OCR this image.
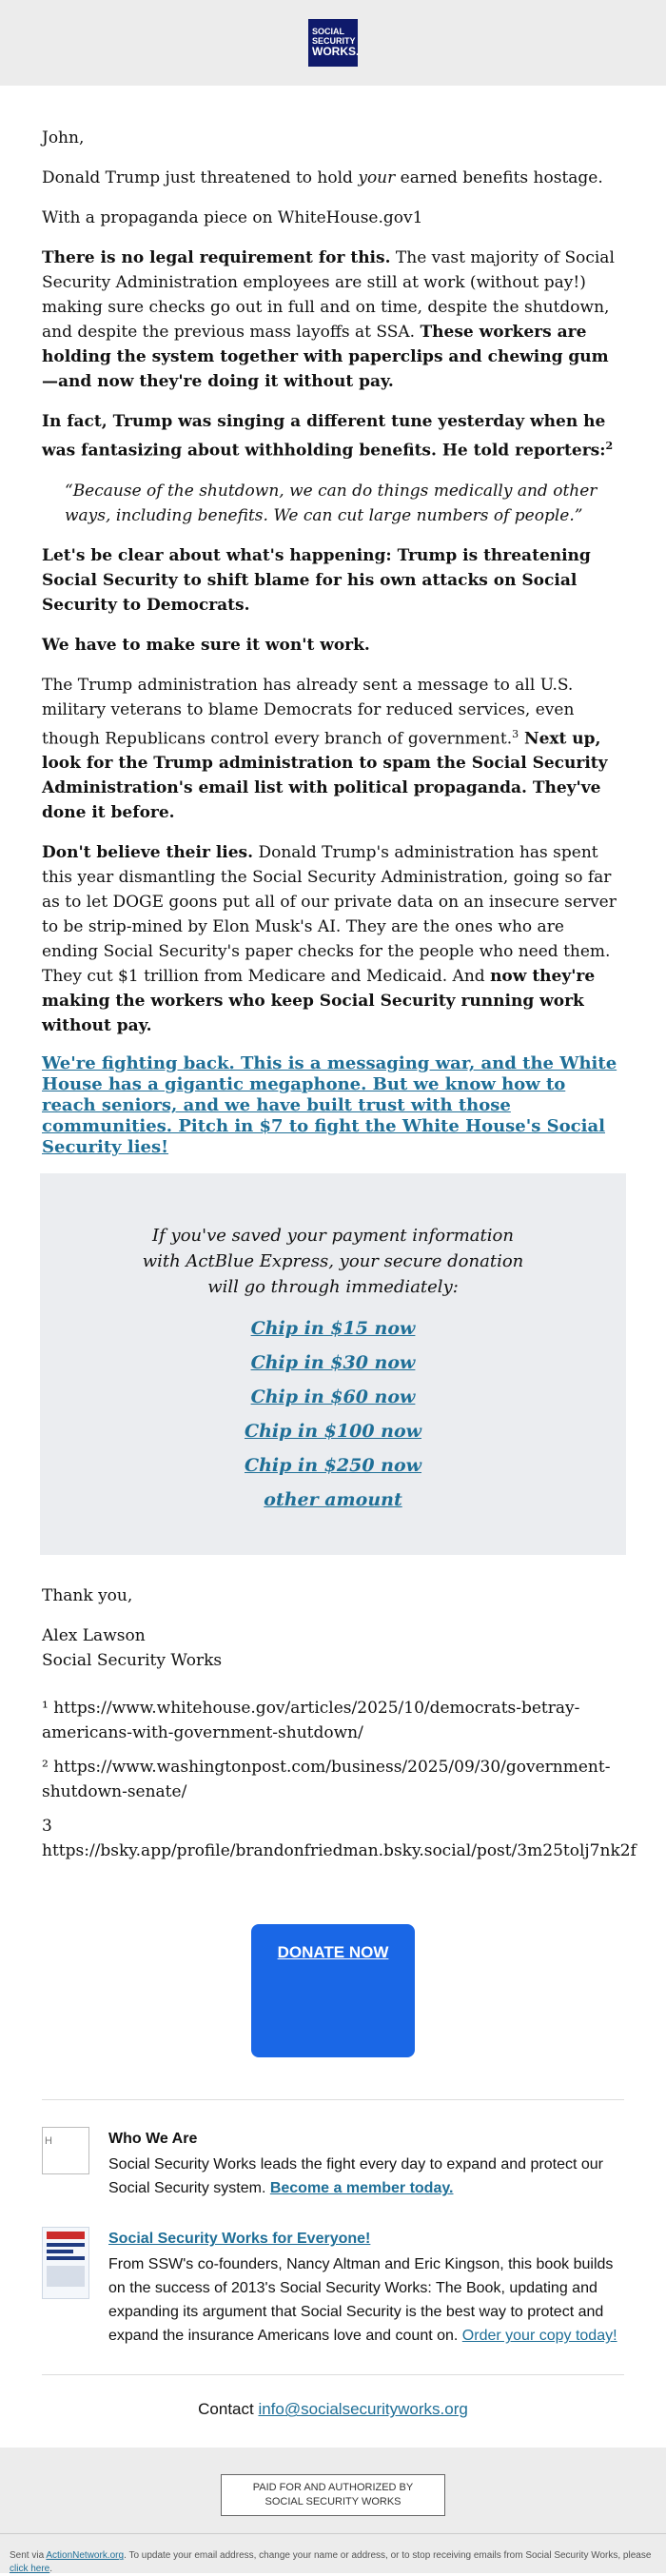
SOCIAL
SECURITY
WORKS.

John,

Donald Trump just threatened to hold your earned benefits hostage.

With a propaganda piece on WhiteHouse.gov1

There is no legal requirement for this. The vast majority of Social Security Administration employees are still at work (without pay!) making sure checks go out in full and on time, despite the shutdown, and despite the previous mass layoffs at SSA. These workers are holding the system together with paperclips and chewing gum—and now they're doing it without pay.

In fact, Trump was singing a different tune yesterday when he was fantasizing about withholding benefits. He told reporters:$^2$

“Because of the shutdown, we can do things medically and other ways, including benefits. We can cut large numbers of people.”

Let's be clear about what's happening: Trump is threatening Social Security to shift blame for his own attacks on Social Security to Democrats.

We have to make sure it won't work.

The Trump administration has already sent a message to all U.S. military veterans to blame Democrats for reduced services, even though Republicans control every branch of government.$^3$ Next up, look for the Trump administration to spam the Social Security Administration's email list with political propaganda. They've done it before.

Don't believe their lies. Donald Trump's administration has spent this year dismantling the Social Security Administration, going so far as to let DOGE goons put all of our private data on an insecure server to be strip-mined by Elon Musk's AI. They are the ones who are ending Social Security's paper checks for the people who need them. They cut $1 trillion from Medicare and Medicaid. And now they're making the workers who keep Social Security running work without pay.

We're fighting back. This is a messaging war, and the White House has a gigantic megaphone. But we know how to reach seniors, and we have built trust with those communities. Pitch in $7 to fight the White House's Social Security lies!

If you've saved your payment information with ActBlue Express, your secure donation will go through immediately:

Chip in $15 now
Chip in $30 now
Chip in $60 now
Chip in $100 now
Chip in $250 now
other amount

Thank you,

Alex Lawson
Social Security Works

¹ https://www.whitehouse.gov/articles/2025/10/democrats-betray-americans-with-government-shutdown/

² https://www.washingtonpost.com/business/2025/09/30/government-shutdown-senate/

3

https://bsky.app/profile/brandonfriedman.bsky.social/post/3m25tolj7nk2f

DONATE NOW
H	Who We Are

Social Security Works leads the fight every day to expand and protect our Social Security system. Become a member today.

Social Security Works for Everyone!

From SSW's co-founders, Nancy Altman and Eric Kingson, this book builds on the success of 2013's Social Security Works: The Book, updating and expanding its argument that Social Security is the best way to protect and expand the insurance Americans love and count on. Order your copy today!

Contact info@socialsecurityworks.org
PAID FOR AND AUTHORIZED BY
SOCIAL SECURITY WORKS
Sent via ActionNetwork.org. To update your email address, change your name or address, or to stop receiving emails from Social Security Works, please click here.
